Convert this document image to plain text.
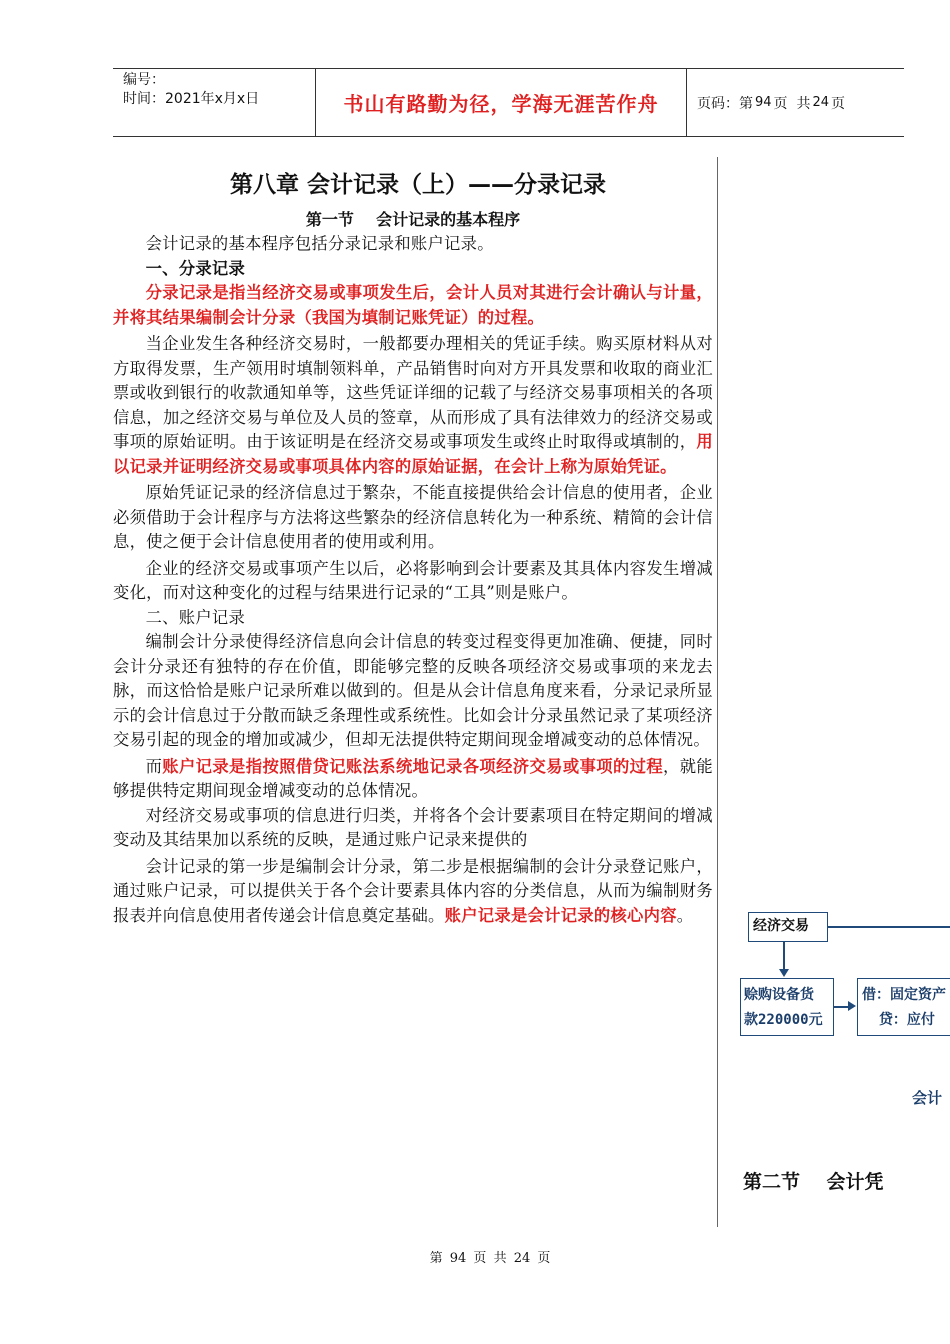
编号：
时间：2021年x月x日	书山有路勤为径，学海无涯苦作舟	页码：第 94 页  共 24 页
第八章 会计记录（上）——分录记录
第一节    会计记录的基本程序

会计记录的基本程序包括分录记录和账户记录。

一、分录记录

分录记录是指当经济交易或事项发生后，会计人员对其进行会计确认与计量，并将其结果编制会计分录（我国为填制记账凭证）的过程。

当企业发生各种经济交易时，一般都要办理相关的凭证手续。购买原材料从对方取得发票，生产领用时填制领料单，产品销售时向对方开具发票和收取的商业汇票或收到银行的收款通知单等，这些凭证详细的记载了与经济交易事项相关的各项信息，加之经济交易与单位及人员的签章，从而形成了具有法律效力的经济交易或事项的原始证明。由于该证明是在经济交易或事项发生或终止时取得或填制的，用以记录并证明经济交易或事项具体内容的原始证据，在会计上称为原始凭证。

原始凭证记录的经济信息过于繁杂，不能直接提供给会计信息的使用者，企业必须借助于会计程序与方法将这些繁杂的经济信息转化为一种系统、精简的会计信息，使之便于会计信息使用者的使用或利用。

企业的经济交易或事项产生以后，必将影响到会计要素及其具体内容发生增减变化，而对这种变化的过程与结果进行记录的“工具”则是账户。

二、账户记录

编制会计分录使得经济信息向会计信息的转变过程变得更加准确、便捷，同时会计分录还有独特的存在价值，即能够完整的反映各项经济交易或事项的来龙去脉，而这恰恰是账户记录所难以做到的。但是从会计信息角度来看，分录记录所显示的会计信息过于分散而缺乏条理性或系统性。比如会计分录虽然记录了某项经济交易引起的现金的增加或减少，但却无法提供特定期间现金增减变动的总体情况。

而账户记录是指按照借贷记账法系统地记录各项经济交易或事项的过程，就能够提供特定期间现金增减变动的总体情况。

对经济交易或事项的信息进行归类，并将各个会计要素项目在特定期间的增减变动及其结果加以系统的反映，是通过账户记录来提供的

会计记录的第一步是编制会计分录，第二步是根据编制的会计分录登记账户，通过账户记录，可以提供关于各个会计要素具体内容的分类信息，从而为编制财务报表并向信息使用者传递会计信息奠定基础。账户记录是会计记录的核心内容。

经济交易
赊购设备货
款220000元
借：固定资产
贷：应付
会计
第二节    会计凭
第 94 页 共 24 页
